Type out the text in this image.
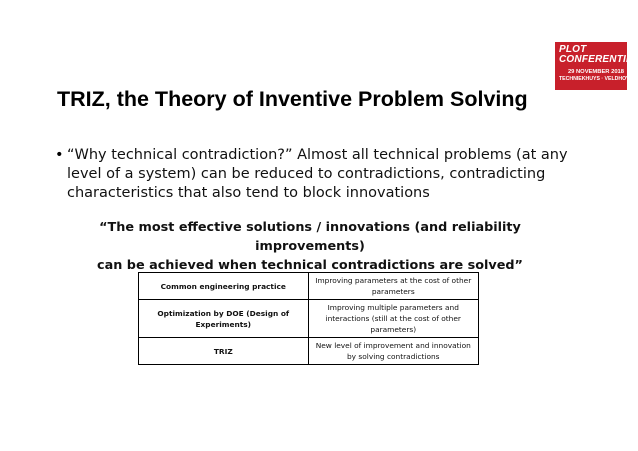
PLOT
CONFERENTIE
29 NOVEMBER 2018
TECHNIEKHUYS · VELDHOVEN
TRIZ, the Theory of Inventive Problem Solving
• “Why technical contradiction?” Almost all technical problems (at any level of a system) can be reduced to contradictions, contradicting characteristics that also tend to block innovations
“The most effective solutions / innovations (and reliability improvements)
can be achieved when technical contradictions are solved”
Common engineering practice	Improving parameters at the cost of other parameters
Optimization by DOE (Design of Experiments)	Improving multiple parameters and interactions (still at the cost of other parameters)
TRIZ	New level of improvement and innovation by solving contradictions
